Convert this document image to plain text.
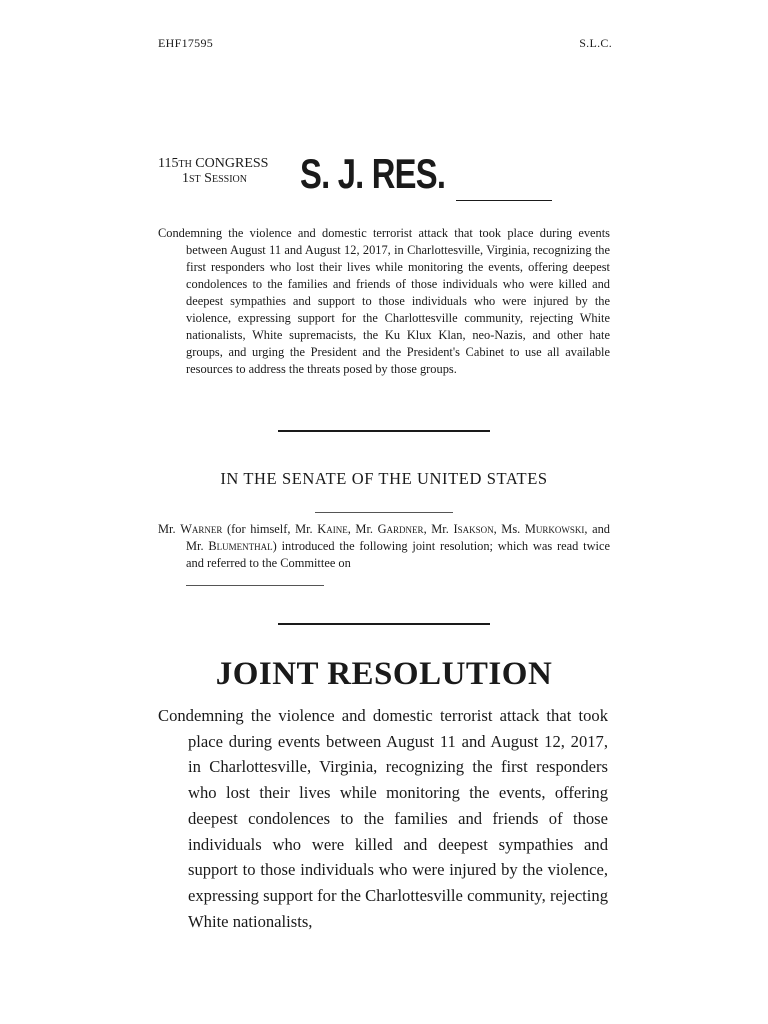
EHF17595	S.L.C.
115th CONGRESS
1st Session	S. J. RES.

Condemning the violence and domestic terrorist attack that took place during events between August 11 and August 12, 2017, in Charlottesville, Virginia, recognizing the first responders who lost their lives while monitoring the events, offering deepest condolences to the families and friends of those individuals who were killed and deepest sympathies and support to those individuals who were injured by the violence, expressing support for the Charlottesville community, rejecting White nationalists, White supremacists, the Ku Klux Klan, neo-Nazis, and other hate groups, and urging the President and the President's Cabinet to use all available resources to address the threats posed by those groups.

IN THE SENATE OF THE UNITED STATES

Mr. Warner (for himself, Mr. Kaine, Mr. Gardner, Mr. Isakson, Ms. Murkowski, and Mr. Blumenthal) introduced the following joint resolution; which was read twice and referred to the Committee on

JOINT RESOLUTION

Condemning the violence and domestic terrorist attack that took place during events between August 11 and August 12, 2017, in Charlottesville, Virginia, recognizing the first responders who lost their lives while monitoring the events, offering deepest condolences to the families and friends of those individuals who were killed and deepest sympathies and support to those individuals who were injured by the violence, expressing support for the Charlottesville community, rejecting White nationalists,
